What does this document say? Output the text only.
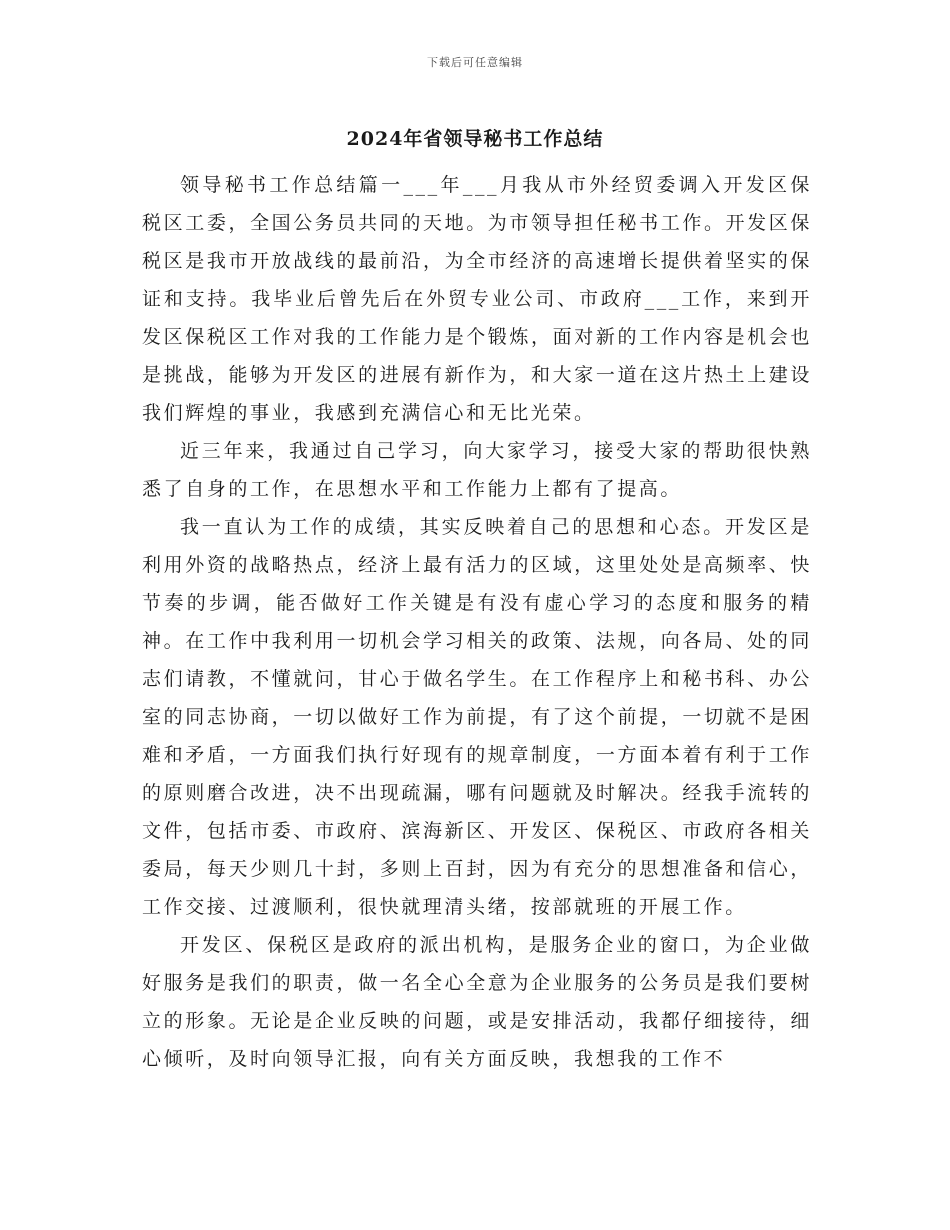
下载后可任意编辑
2024年省领导秘书工作总结

领导秘书工作总结篇一___年___月我从市外经贸委调入开发区保税区工委，全国公务员共同的天地。为市领导担任秘书工作。开发区保税区是我市开放战线的最前沿，为全市经济的高速增长提供着坚实的保证和支持。我毕业后曾先后在外贸专业公司、市政府___工作，来到开发区保税区工作对我的工作能力是个锻炼，面对新的工作内容是机会也是挑战，能够为开发区的进展有新作为，和大家一道在这片热土上建设我们辉煌的事业，我感到充满信心和无比光荣。

近三年来，我通过自己学习，向大家学习，接受大家的帮助很快熟悉了自身的工作，在思想水平和工作能力上都有了提高。

我一直认为工作的成绩，其实反映着自己的思想和心态。开发区是利用外资的战略热点，经济上最有活力的区域，这里处处是高频率、快节奏的步调，能否做好工作关键是有没有虚心学习的态度和服务的精神。在工作中我利用一切机会学习相关的政策、法规，向各局、处的同志们请教，不懂就问，甘心于做名学生。在工作程序上和秘书科、办公室的同志协商，一切以做好工作为前提，有了这个前提，一切就不是困难和矛盾，一方面我们执行好现有的规章制度，一方面本着有利于工作的原则磨合改进，决不出现疏漏，哪有问题就及时解决。经我手流转的文件，包括市委、市政府、滨海新区、开发区、保税区、市政府各相关委局，每天少则几十封，多则上百封，因为有充分的思想准备和信心，工作交接、过渡顺利，很快就理清头绪，按部就班的开展工作。

开发区、保税区是政府的派出机构，是服务企业的窗口，为企业做好服务是我们的职责，做一名全心全意为企业服务的公务员是我们要树立的形象。无论是企业反映的问题，或是安排活动，我都仔细接待，细心倾听，及时向领导汇报，向有关方面反映，我想我的工作不
